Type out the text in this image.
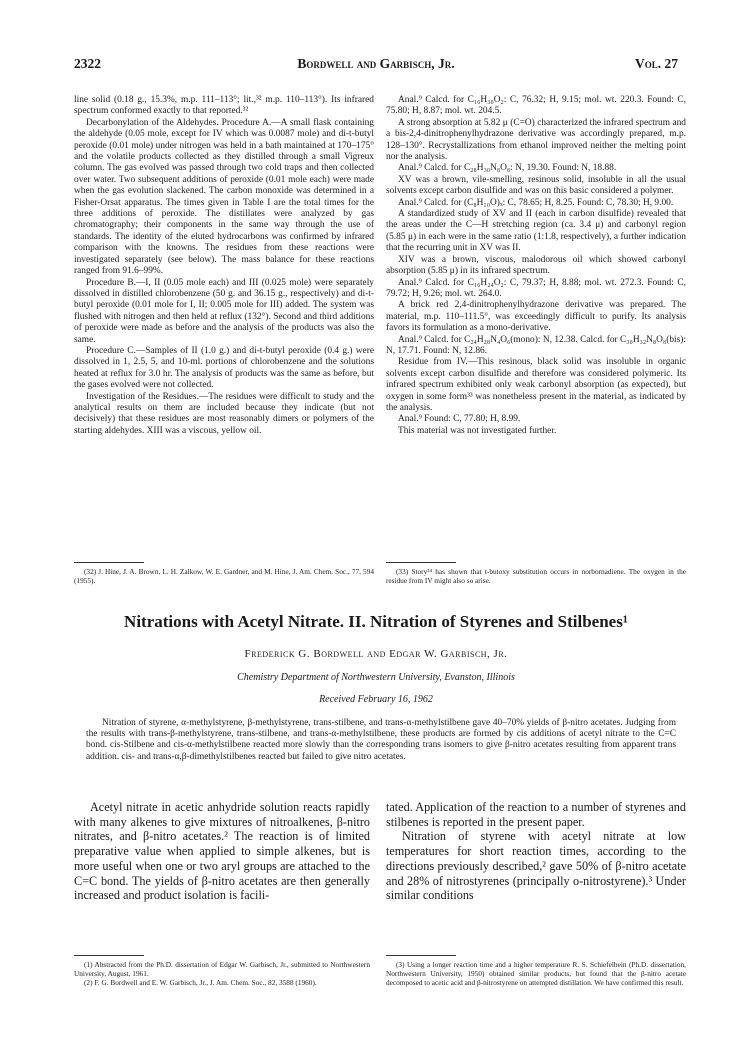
2322	Bordwell and Garbisch, Jr.	Vol. 27

line solid (0.18 g., 15.3%, m.p. 111–113°; lit.,³² m.p. 110–113°). Its infrared spectrum conformed exactly to that reported.³²

Decarbonylation of the Aldehydes. Procedure A.—A small flask containing the aldehyde (0.05 mole, except for IV which was 0.0087 mole) and di-t-butyl peroxide (0.01 mole) under nitrogen was held in a bath maintained at 170–175° and the volatile products collected as they distilled through a small Vigreux column. The gas evolved was passed through two cold traps and then collected over water. Two subsequent additions of peroxide (0.01 mole each) were made when the gas evolution slackened. The carbon monoxide was determined in a Fisher-Orsat apparatus. The times given in Table I are the total times for the three additions of peroxide. The distillates were analyzed by gas chromatography; their components in the same way through the use of standards. The identity of the eluted hydrocarbons was confirmed by infrared comparison with the knowns. The residues from these reactions were investigated separately (see below). The mass balance for these reactions ranged from 91.6–99%.

Procedure B.—I, II (0.05 mole each) and III (0.025 mole) were separately dissolved in distilled chlorobenzene (50 g. and 36.15 g., respectively) and di-t-butyl peroxide (0.01 mole for I, II; 0.005 mole for III) added. The system was flushed with nitrogen and then held at reflux (132°). Second and third additions of peroxide were made as before and the analysis of the products was also the same.

Procedure C.—Samples of II (1.0 g.) and di-t-butyl peroxide (0.4 g.) were dissolved in 1, 2.5, 5, and 10-ml. portions of chlorobenzene and the solutions heated at reflux for 3.0 hr. The analysis of products was the same as before, but the gases evolved were not collected.

Investigation of the Residues.—The residues were difficult to study and the analytical results on them are included because they indicate (but not decisively) that these residues are most reasonably dimers or polymers of the starting aldehydes. XIII was a viscous, yellow oil.

Anal.⁹ Calcd. for C₁₆H₃₀O₂: C, 76.32; H, 9.15; mol. wt. 220.3. Found: C, 75.80; H, 8.87; mol. wt. 204.5.

A strong absorption at 5.82 μ (C=O) characterized the infrared spectrum and a bis-2,4-dinitrophenylhydrazone derivative was accordingly prepared, m.p. 128–130°. Recrystallizations from ethanol improved neither the melting point nor the analysis.

Anal.⁹ Calcd. for C₂₈H₃₀N₈O₈: N, 19.30. Found: N, 18.88.

XV was a brown, vile-smelling, resinous solid, insoluble in all the usual solvents except carbon disulfide and was on this basic considered a polymer.

Anal.⁹ Calcd. for (C₈H₁₀O)ₓ: C, 78.65; H, 8.25. Found: C, 78.30; H, 9.00.

A standardized study of XV and II (each in carbon disulfide) revealed that the areas under the C—H stretching region (ca. 3.4 μ) and carbonyl region (5.85 μ) in each were in the same ratio (1:1.8, respectively), a further indication that the recurring unit in XV was II.

XIV was a brown, viscous, malodorous oil which showed carbonyl absorption (5.85 μ) in its infrared spectrum.

Anal.⁹ Calcd. for C₁₆H₂₄O₂: C, 79.37; H, 8.88; mol. wt. 272.3. Found: C, 79.72; H, 9.26; mol. wt. 264.0.

A brick red 2,4-dinitrophenylhydrazone derivative was prepared. The material, m.p. 110–111.5°, was exceedingly difficult to purify. Its analysis favors its formulation as a mono-derivative.

Anal.⁹ Calcd. for C₂₄H₂₈N₄O₆(mono): N, 12.38. Calcd. for C₃₀H₃₂N₈O₈(bis): N, 17.71. Found: N, 12.86.

Residue from IV.—This resinous, black solid was insoluble in organic solvents except carbon disulfide and therefore was considered polymeric. Its infrared spectrum exhibited only weak carbonyl absorption (as expected), but oxygen in some form³³ was nonetheless present in the material, as indicated by the analysis.

Anal.⁹ Found: C, 77.80; H, 8.99.

This material was not investigated further.

(32) J. Hine, J. A. Brown, L. H. Zalkow, W. E. Gardner, and M. Hine, J. Am. Chem. Soc., 77, 594 (1955).

(33) Story³⁴ has shown that t-butoxy substitution occurs in norbornadiene. The oxygen in the residue from IV might also so arise.

Nitrations with Acetyl Nitrate. II. Nitration of Styrenes and Stilbenes¹
Frederick G. Bordwell and Edgar W. Garbisch, Jr.
Chemistry Department of Northwestern University, Evanston, Illinois
Received February 16, 1962

Nitration of styrene, α-methylstyrene, β-methylstyrene, trans-stilbene, and trans-α-methylstilbene gave 40–70% yields of β-nitro acetates. Judging from the results with trans-β-methylstyrene, trans-stilbene, and trans-α-methylstilbene, these products are formed by cis additions of acetyl nitrate to the C=C bond. cis-Stilbene and cis-α-methylstilbene reacted more slowly than the corresponding trans isomers to give β-nitro acetates resulting from apparent trans addition. cis- and trans-α,β-dimethylstilbenes reacted but failed to give nitro acetates.

Acetyl nitrate in acetic anhydride solution reacts rapidly with many alkenes to give mixtures of nitroalkenes, β-nitro nitrates, and β-nitro acetates.² The reaction is of limited preparative value when applied to simple alkenes, but is more useful when one or two aryl groups are attached to the C=C bond. The yields of β-nitro acetates are then generally increased and product isolation is facili-

tated. Application of the reaction to a number of styrenes and stilbenes is reported in the present paper.

Nitration of styrene with acetyl nitrate at low temperatures for short reaction times, according to the directions previously described,² gave 50% of β-nitro acetate and 28% of nitrostyrenes (principally o-nitrostyrene).³ Under similar conditions

(1) Abstracted from the Ph.D. dissertation of Edgar W. Garbisch, Jr., submitted to Northwestern University, August, 1961.

(2) F. G. Bordwell and E. W. Garbisch, Jr., J. Am. Chem. Soc., 82, 3588 (1960).

(3) Using a longer reaction time and a higher temperature R. S. Schiefelbein (Ph.D. dissertation, Northwestern University, 1950) obtained similar products, but found that the β-nitro acetate decomposed to acetic acid and β-nitrostyrene on attempted distillation. We have confirmed this result.
